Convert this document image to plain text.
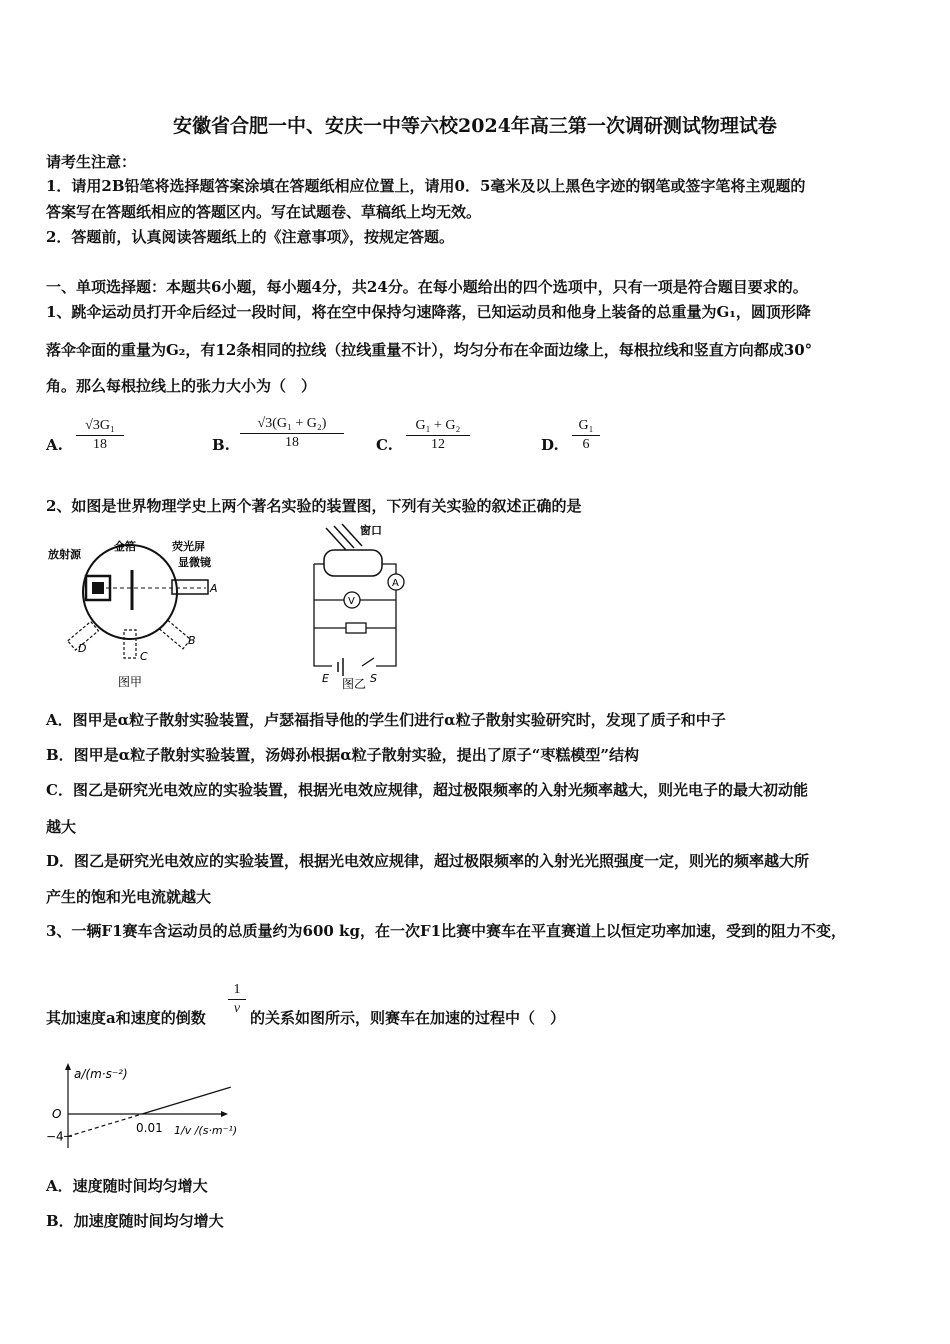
安徽省合肥一中、安庆一中等六校2024年高三第一次调研测试物理试卷
请考生注意：
1．请用2B铅笔将选择题答案涂填在答题纸相应位置上，请用0．5毫米及以上黑色字迹的钢笔或签字笔将主观题的
答案写在答题纸相应的答题区内。写在试题卷、草稿纸上均无效。
2．答题前，认真阅读答题纸上的《注意事项》，按规定答题。
一、单项选择题：本题共6小题，每小题4分，共24分。在每小题给出的四个选项中，只有一项是符合题目要求的。
1、跳伞运动员打开伞后经过一段时间，将在空中保持匀速降落，已知运动员和他身上装备的总重量为G₁，圆顶形降
落伞伞面的重量为G₂，有12条相同的拉线（拉线重量不计），均匀分布在伞面边缘上，每根拉线和竖直方向都成30°
角。那么每根拉线上的张力大小为（　）
A.
√3G₁
18	B.
√3(G₁ + G₂)
18	C.
G₁ + G₂
12	D.
G₁
6
2、如图是世界物理学史上两个著名实验的装置图，下列有关实验的叙述正确的是
放射源
金箔	荧光屏
显微镜
A
B
C
D
图甲
窗口
V
A
E	S
图乙
A．图甲是α粒子散射实验装置，卢瑟福指导他的学生们进行α粒子散射实验研究时，发现了质子和中子
B．图甲是α粒子散射实验装置，汤姆孙根据α粒子散射实验，提出了原子“枣糕模型”结构
C．图乙是研究光电效应的实验装置，根据光电效应规律，超过极限频率的入射光频率越大，则光电子的最大初动能
越大
D．图乙是研究光电效应的实验装置，根据光电效应规律，超过极限频率的入射光光照强度一定，则光的频率越大所
产生的饱和光电流就越大
3、一辆F1赛车含运动员的总质量约为600 kg，在一次F1比赛中赛车在平直赛道上以恒定功率加速，受到的阻力不变，
其加速度a和速度的倒数
1
v
的关系如图所示，则赛车在加速的过程中（　）
a/(m·s⁻²)
O
−4
0.01 1/v /(s·m⁻¹)
A．速度随时间均匀增大
B．加速度随时间均匀增大
